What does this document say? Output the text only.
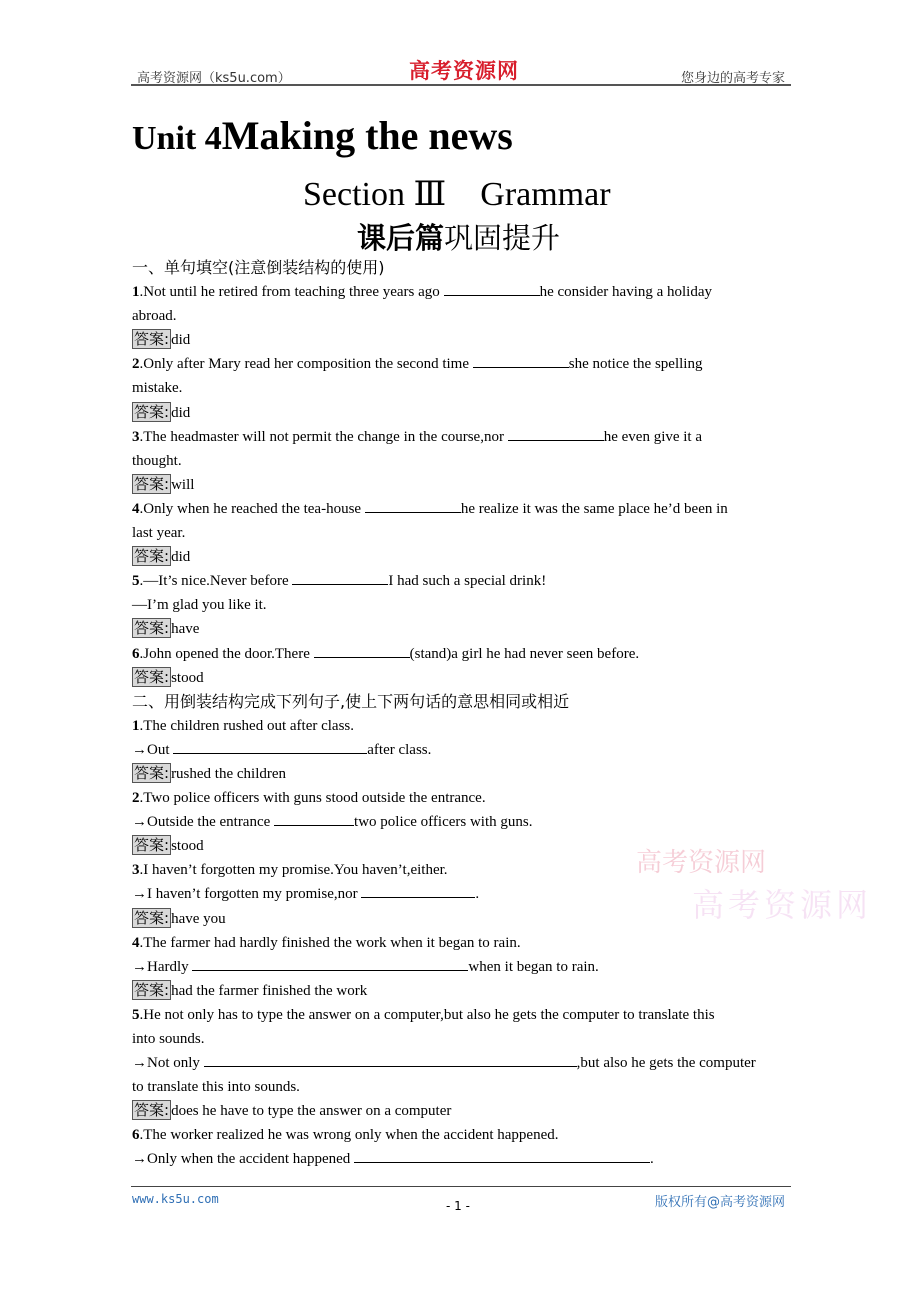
高考资源网（ks5u.com）	高考资源网	您身边的高考专家
Unit 4Making the news
Section Ⅲ　Grammar
课后篇巩固提升
一、单句填空(注意倒装结构的使用)
1.Not until he retired from teaching three years ago	he consider having a holiday
abroad.
答案: did
2.Only after Mary read her composition the second time	she notice the spelling
mistake.
答案: did
3.The headmaster will not permit the change in the course,nor	he even give it a
thought.
答案: will
4.Only when he reached the tea-house	he realize it was the same place he’d been in
last year.
答案: did
5.—It’s nice.Never before	I had such a special drink!
—I’m glad you like it.
答案: have
6.John opened the door.There	(stand)a girl he had never seen before.
答案: stood
二、用倒装结构完成下列句子,使上下两句话的意思相同或相近
1.The children rushed out after class.
→Out	after class.
答案: rushed the children
2.Two police officers with guns stood outside the entrance.
→Outside the entrance	two police officers with guns.
答案: stood
3.I haven’t forgotten my promise.You haven’t,either.
→I haven’t forgotten my promise,nor	.
答案: have you
4.The farmer had hardly finished the work when it began to rain.
→Hardly	when it began to rain.
答案: had the farmer finished the work
5.He not only has to type the answer on a computer,but also he gets the computer to translate this
into sounds.
→Not only	,but also he gets the computer
to translate this into sounds.
答案: does he have to type the answer on a computer
6.The worker realized he was wrong only when the accident happened.
→Only when the accident happened	.
高考资源网
高考资源网
www.ks5u.com	- 1 -	版权所有@高考资源网
